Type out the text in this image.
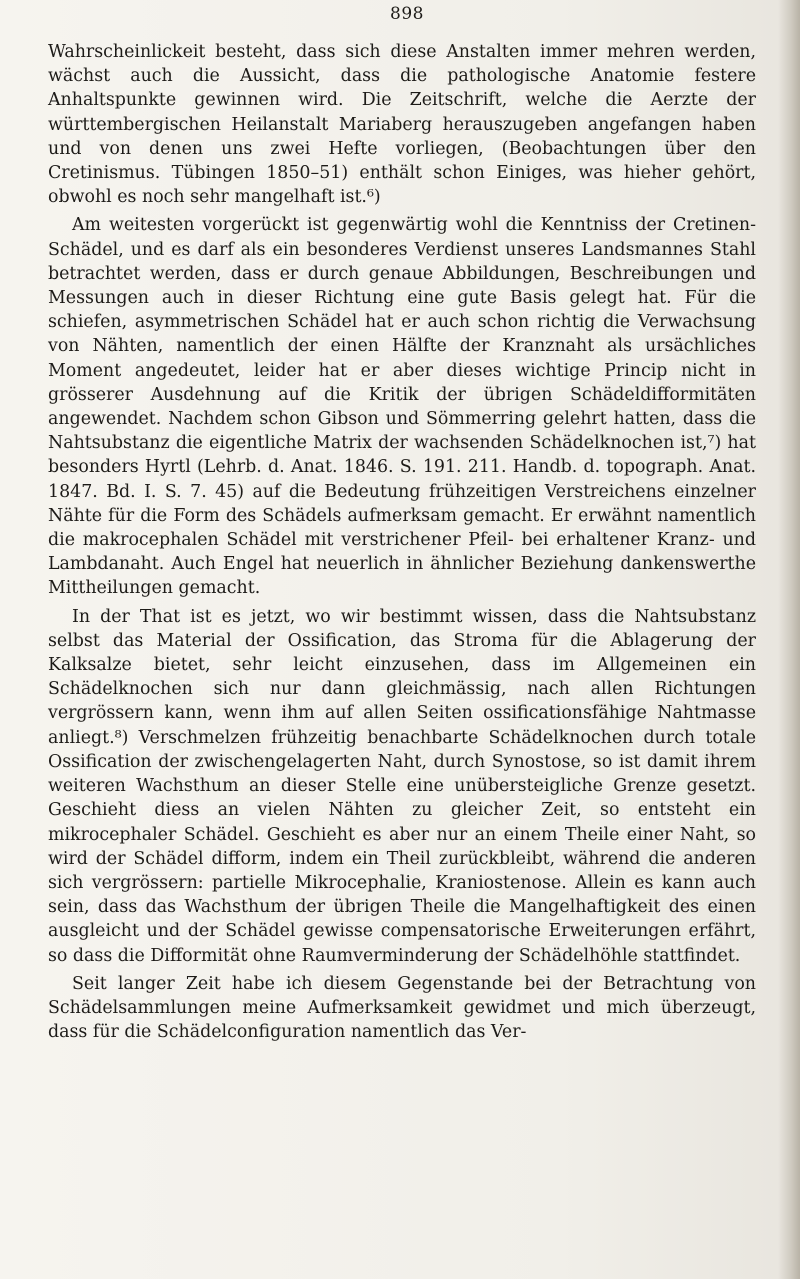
898

Wahrscheinlickeit besteht, dass sich diese Anstalten immer mehren werden, wächst auch die Aussicht, dass die pathologische Anatomie festere Anhaltspunkte gewinnen wird. Die Zeitschrift, welche die Aerzte der württembergischen Heilanstalt Mariaberg herauszugeben angefangen haben und von denen uns zwei Hefte vorliegen, (Beobachtungen über den Cretinismus. Tübingen 1850–51) enthält schon Einiges, was hieher gehört, obwohl es noch sehr mangelhaft ist.⁶)

Am weitesten vorgerückt ist gegenwärtig wohl die Kenntniss der Cretinen-Schädel, und es darf als ein besonderes Verdienst unseres Landsmannes Stahl betrachtet werden, dass er durch genaue Abbildungen, Beschreibungen und Messungen auch in dieser Richtung eine gute Basis gelegt hat. Für die schiefen, asymmetrischen Schädel hat er auch schon richtig die Verwachsung von Nähten, namentlich der einen Hälfte der Kranznaht als ursächliches Moment angedeutet, leider hat er aber dieses wichtige Princip nicht in grösserer Ausdehnung auf die Kritik der übrigen Schädeldifformitäten angewendet. Nachdem schon Gibson und Sömmerring gelehrt hatten, dass die Nahtsubstanz die eigentliche Matrix der wachsenden Schädelknochen ist,⁷) hat besonders Hyrtl (Lehrb. d. Anat. 1846. S. 191. 211. Handb. d. topograph. Anat. 1847. Bd. I. S. 7. 45) auf die Bedeutung frühzeitigen Verstreichens einzelner Nähte für die Form des Schädels aufmerksam gemacht. Er erwähnt namentlich die makrocephalen Schädel mit verstrichener Pfeil- bei erhaltener Kranz- und Lambdanaht. Auch Engel hat neuerlich in ähnlicher Beziehung dankenswerthe Mittheilungen gemacht.

In der That ist es jetzt, wo wir bestimmt wissen, dass die Nahtsubstanz selbst das Material der Ossification, das Stroma für die Ablagerung der Kalksalze bietet, sehr leicht einzusehen, dass im Allgemeinen ein Schädelknochen sich nur dann gleichmässig, nach allen Richtungen vergrössern kann, wenn ihm auf allen Seiten ossificationsfähige Nahtmasse anliegt.⁸) Verschmelzen frühzeitig benachbarte Schädelknochen durch totale Ossification der zwischengelagerten Naht, durch Synostose, so ist damit ihrem weiteren Wachsthum an dieser Stelle eine unübersteigliche Grenze gesetzt. Geschieht diess an vielen Nähten zu gleicher Zeit, so entsteht ein mikrocephaler Schädel. Geschieht es aber nur an einem Theile einer Naht, so wird der Schädel difform, indem ein Theil zurückbleibt, während die anderen sich vergrössern: partielle Mikrocephalie, Kraniostenose. Allein es kann auch sein, dass das Wachsthum der übrigen Theile die Mangelhaftigkeit des einen ausgleicht und der Schädel gewisse compensatorische Erweiterungen erfährt, so dass die Difformität ohne Raumverminderung der Schädelhöhle stattfindet.

Seit langer Zeit habe ich diesem Gegenstande bei der Betrachtung von Schädelsammlungen meine Aufmerksamkeit gewidmet und mich überzeugt, dass für die Schädelconfiguration namentlich das Ver-
